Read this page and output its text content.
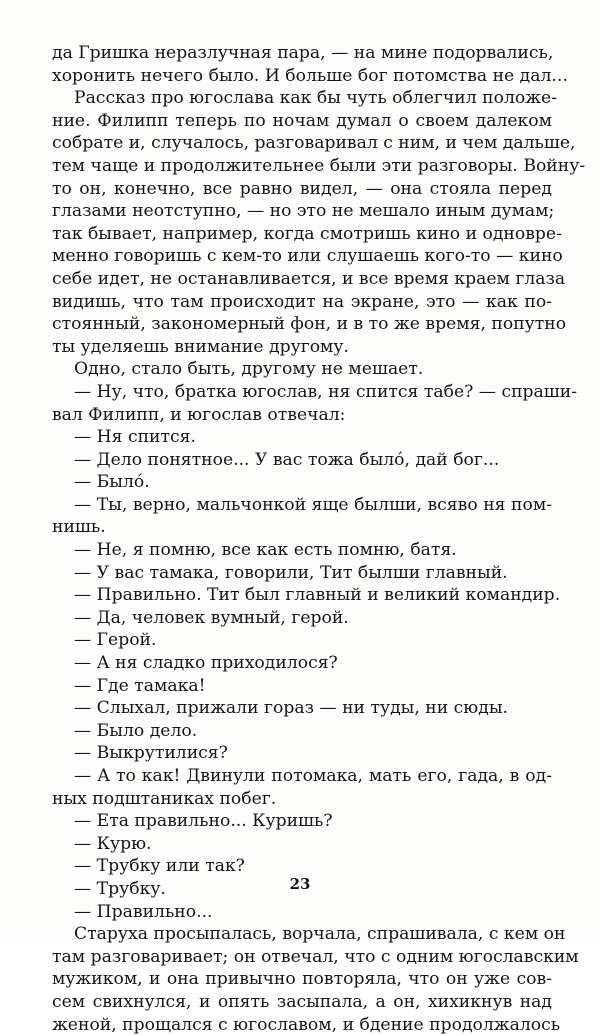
да Гришка неразлучная пара, — на мине подорвались,
хоронить нечего было. И больше бог потомства не дал...
Рассказ про югослава как бы чуть облегчил положе-
ние. Филипп теперь по ночам думал о своем далеком
собрате и, случалось, разговаривал с ним, и чем дальше,
тем чаще и продолжительнее были эти разговоры. Войну-
то он, конечно, все равно видел, — она стояла перед
глазами неотступно, — но это не мешало иным думам;
так бывает, например, когда смотришь кино и одновре-
менно говоришь с кем-то или слушаешь кого-то — кино
себе идет, не останавливается, и все время краем глаза
видишь, что там происходит на экране, это — как по-
стоянный, закономерный фон, и в то же время, попутно
ты уделяешь внимание другому.
Одно, стало быть, другому не мешает.
— Ну, что, братка югослав, ня спится табе? — спраши-
вал Филипп, и югослав отвечал:
— Ня спится.
— Дело понятное... У вас тожа было́, дай бог...
— Было́.
— Ты, верно, мальчонкой яще былши, всяво ня пом-
нишь.
— Не, я помню, все как есть помню, батя.
— У вас тамака, говорили, Тит былши главный.
— Правильно. Тит был главный и великий командир.
— Да, человек вумный, герой.
— Герой.
— А ня сладко приходилося?
— Где тамака!
— Слыхал, прижали гораз — ни туды, ни сюды.
— Было дело.
— Выкрутилися?
— А то как! Двинули потомака, мать его, гада, в од-
ных подштаниках побег.
— Ета правильно... Куришь?
— Курю.
— Трубку или так?
— Трубку.
— Правильно...
Старуха просыпалась, ворчала, спрашивала, с кем он
там разговаривает; он отвечал, что с одним югославским
мужиком, и она привычно повторяла, что он уже сов-
сем свихнулся, и опять засыпала, а он, хихикнув над
женой, прощался с югославом, и бдение продолжалось
23
